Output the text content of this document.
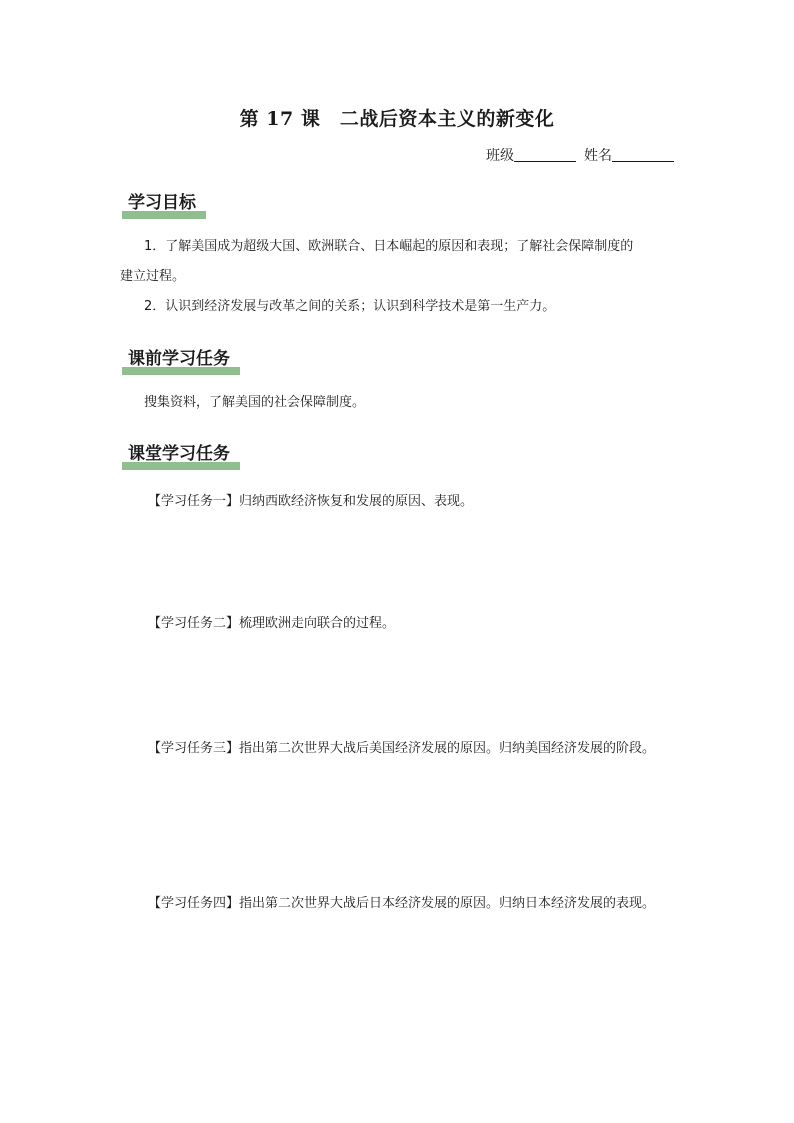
第 17 课　二战后资本主义的新变化
班级	姓名
学习目标
1．了解美国成为超级大国、欧洲联合、日本崛起的原因和表现；了解社会保障制度的
建立过程。
2．认识到经济发展与改革之间的关系；认识到科学技术是第一生产力。
课前学习任务
搜集资料，了解美国的社会保障制度。
课堂学习任务
【学习任务一】归纳西欧经济恢复和发展的原因、表现。
【学习任务二】梳理欧洲走向联合的过程。
【学习任务三】指出第二次世界大战后美国经济发展的原因。归纳美国经济发展的阶段。
【学习任务四】指出第二次世界大战后日本经济发展的原因。归纳日本经济发展的表现。
